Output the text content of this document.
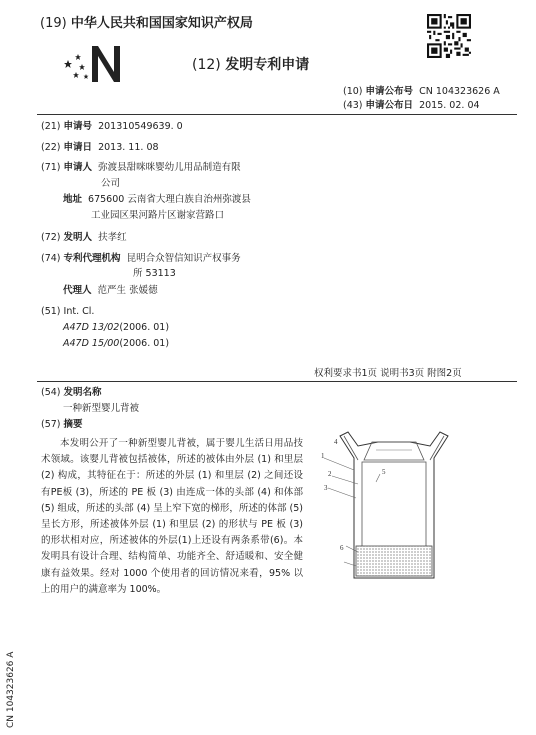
(19) 中华人民共和国国家知识产权局
(12) 发明专利申请
(10) 申请公布号 CN 104323626 A
(43) 申请公布日 2015. 02. 04
(21) 申请号 201310549639. 0
(22) 申请日 2013. 11. 08
(71) 申请人 弥渡县甜咪咪婴幼儿用品制造有限
公司
地址 675600 云南省大理白族自治州弥渡县
工业园区果河路片区谢家营路口
(72) 发明人 扶孝红
(74) 专利代理机构 昆明合众智信知识产权事务
所 53113
代理人 范严生 张媛德
(51) Int. Cl.
A47D 13/02(2006. 01)
A47D 15/00(2006. 01)
权利要求书1页 说明书3页 附图2页
(54) 发明名称
一种新型婴儿背被
(57) 摘要
本发明公开了一种新型婴儿背被，属于婴儿生活日用品技术领域。该婴儿背被包括被体，所述的被体由外层 (1) 和里层 (2) 构成，其特征在于：所述的外层 (1) 和里层 (2) 之间还设有PE板 (3)，所述的 PE 板 (3) 由连成一体的头部 (4) 和体部 (5) 组成，所述的头部 (4) 呈上窄下宽的梯形，所述的体部 (5) 呈长方形，所述被体外层 (1) 和里层 (2) 的形状与 PE 板 (3) 的形状相对应，所述被体的外层(1)上还设有两条系带(6)。本发明具有设计合理、结构简单、功能齐全、舒适暖和、安全健康有益效果。经对 1000 个使用者的回访情况来看，95% 以上的用户的满意率为 100%。
4
1
2
3
5
6
CN 104323626 A
